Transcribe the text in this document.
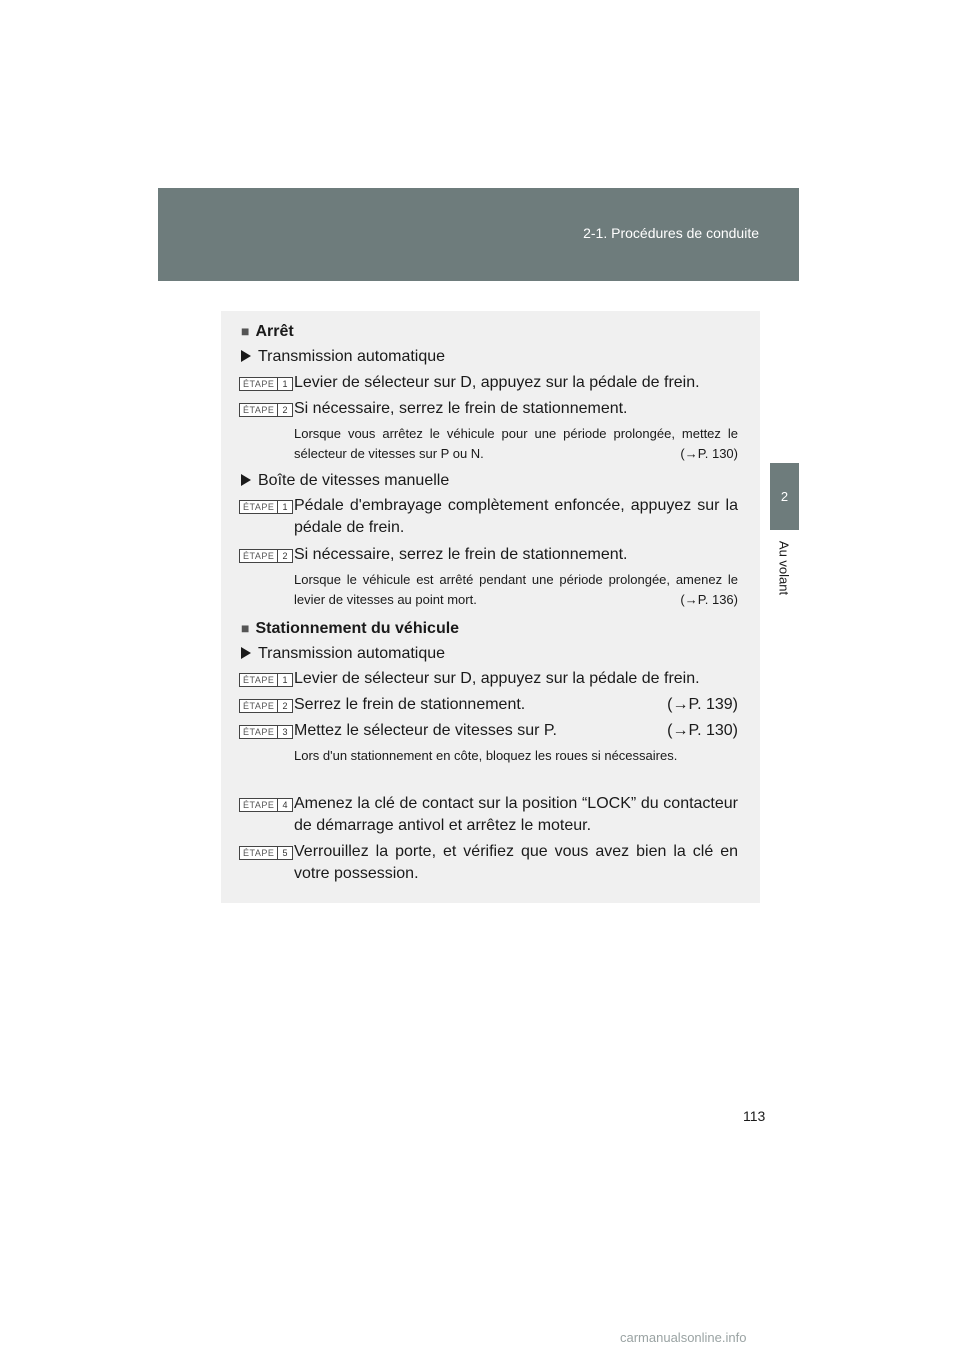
2-1. Procédures de conduite
2
Au volant
■ Arrêt
Transmission automatique
ÉTAPE 1 Levier de sélecteur sur D, appuyez sur la pédale de frein.
ÉTAPE 2 Si nécessaire, serrez le frein de stationnement.
Lorsque vous arrêtez le véhicule pour une période prolongée, mettez le sélecteur de vitesses sur P ou N.	(→P. 130)
Boîte de vitesses manuelle
ÉTAPE 1 Pédale d'embrayage complètement enfoncée, appuyez sur la pédale de frein.
ÉTAPE 2 Si nécessaire, serrez le frein de stationnement.
Lorsque le véhicule est arrêté pendant une période prolongée, amenez le levier de vitesses au point mort.	(→P. 136)
■ Stationnement du véhicule
Transmission automatique
ÉTAPE 1 Levier de sélecteur sur D, appuyez sur la pédale de frein.
ÉTAPE 2 Serrez le frein de stationnement.	(→P. 139)
ÉTAPE 3 Mettez le sélecteur de vitesses sur P.	(→P. 130)
Lors d'un stationnement en côte, bloquez les roues si nécessaires.
ÉTAPE 4 Amenez la clé de contact sur la position “LOCK” du contacteur de démarrage antivol et arrêtez le moteur.
ÉTAPE 5 Verrouillez la porte, et vérifiez que vous avez bien la clé en votre possession.
113
carmanualsonline.info
